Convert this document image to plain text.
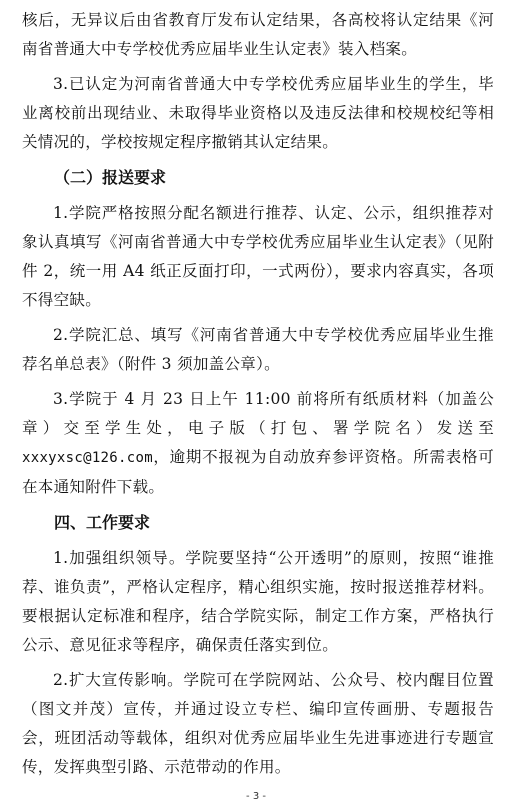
核后，无异议后由省教育厅发布认定结果，各高校将认定结果《河南省普通大中专学校优秀应届毕业生认定表》装入档案。

3.已认定为河南省普通大中专学校优秀应届毕业生的学生，毕业离校前出现结业、未取得毕业资格以及违反法律和校规校纪等相关情况的，学校按规定程序撤销其认定结果。

（二）报送要求

1.学院严格按照分配名额进行推荐、认定、公示，组织推荐对象认真填写《河南省普通大中专学校优秀应届毕业生认定表》（见附件 2，统一用 A4 纸正反面打印，一式两份），要求内容真实，各项不得空缺。

2.学院汇总、填写《河南省普通大中专学校优秀应届毕业生推荐名单总表》（附件 3 须加盖公章）。

3.学院于 4 月 23 日上午 11:00 前将所有纸质材料（加盖公章）交至学生处，电子版（打包、署学院名）发送至 xxxyxsc@126.com，逾期不报视为自动放弃参评资格。所需表格可在本通知附件下载。

四、工作要求

1.加强组织领导。学院要坚持“公开透明”的原则，按照“谁推荐、谁负责”，严格认定程序，精心组织实施，按时报送推荐材料。要根据认定标准和程序，结合学院实际，制定工作方案，严格执行公示、意见征求等程序，确保责任落实到位。

2.扩大宣传影响。学院可在学院网站、公众号、校内醒目位置（图文并茂）宣传，并通过设立专栏、编印宣传画册、专题报告会，班团活动等载体，组织对优秀应届毕业生先进事迹进行专题宣传，发挥典型引路、示范带动的作用。

- 3 -
